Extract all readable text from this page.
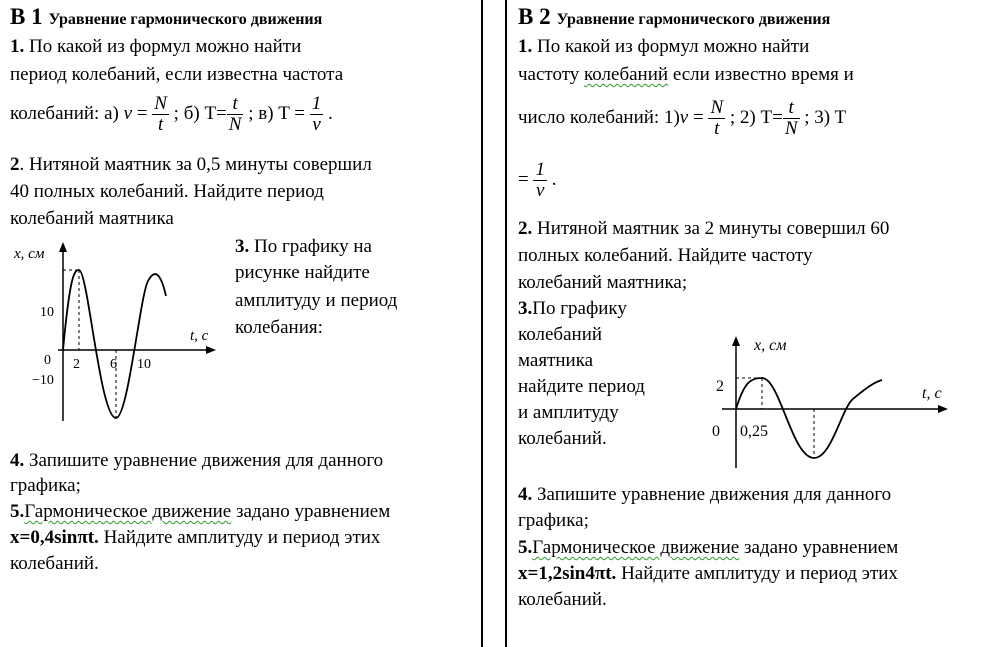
В 1 Уравнение гармонического движения
1. По какой из формул можно найти
период колебаний, если известна частота
колебаний: а) $\nu = \frac{N}{t}$ ; б) $T= \frac{t}{N}$ ; в) $T = \frac{1}{\nu}$ .
2. Нитяной маятник за 0,5 минуты совершил
40 полных колебаний. Найдите период
колебаний маятника
x, см
t, с
10
−10
0 2 6 10
3. По графику на
рисунке найдите
амплитуду и период
колебания:
4. Запишите уравнение движения для данного
графика;
5.Гармоническое движение задано уравнением
x=0,4sinπt. Найдите амплитуду и период этих
колебаний.
В 2 Уравнение гармонического движения
1. По какой из формул можно найти
частоту колебаний если известно время и
число колебаний: $1)\nu = \frac{N}{t}$ ; 2) $T= \frac{t}{N}$ ; 3) T
= $\frac{1}{\nu}$ .
2. Нитяной маятник за 2 минуты совершил 60
полных колебаний. Найдите частоту
колебаний маятника;
3.По графику
колебаний
маятника
найдите период
и амплитуду
колебаний.
x, см
t, с
2
0 0,25
4. Запишите уравнение движения для данного
графика;
5.Гармоническое движение задано уравнением
x=1,2sin4πt. Найдите амплитуду и период этих
колебаний.
